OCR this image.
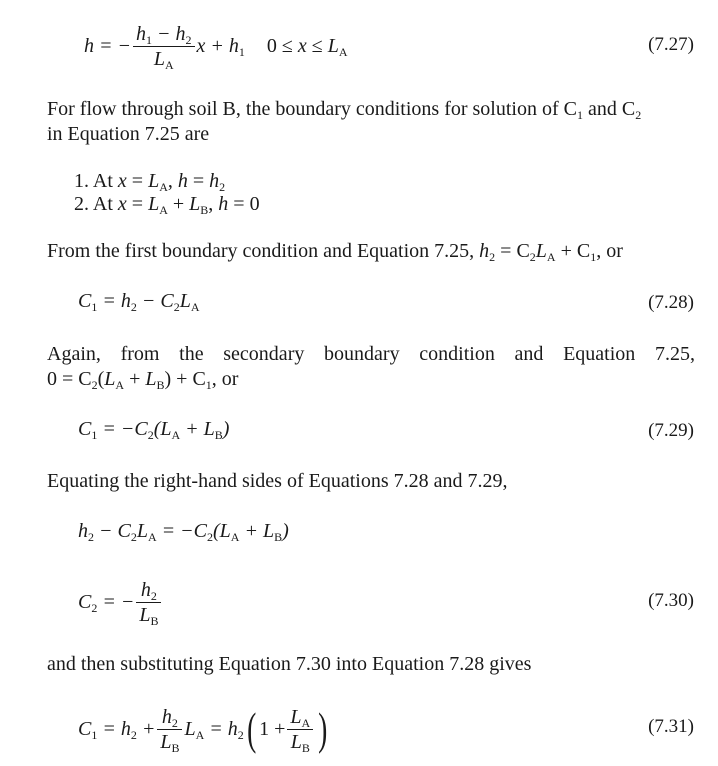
h = − $\frac{h_1 - h_2}{L_A}$ $x + h_1$ $0 \le x \le L_A$	(7.27)
For flow through soil B, the boundary conditions for solution of $C_1$ and $C_2$
in Equation 7.25 are
1. At $x = L_A$, $h = h_2$
2. At $x = L_A + L_B$, h = 0
From the first boundary condition and Equation 7.25, $h_2 = C_2L_A + C_1$, or
$C_1 = h_2 - C_2L_A$	(7.28)
Again, from the secondary boundary condition and Equation 7.25,
$0 = C_2(L_A + L_B) + C_1$, or
$C_1 = -C_2(L_A + L_B)$	(7.29)
Equating the right-hand sides of Equations 7.28 and 7.29,
$h_2 - C_2L_A = -C_2(L_A + L_B)$
$C_2$ = − $\frac{h_2}{L_B}$	(7.30)
and then substituting Equation 7.30 into Equation 7.28 gives
$C_1 = h_2 + \frac{h_2}{L_B} L_A = h_2$ ( $1 + \frac{L_A}{L_B}$ )	(7.31)
